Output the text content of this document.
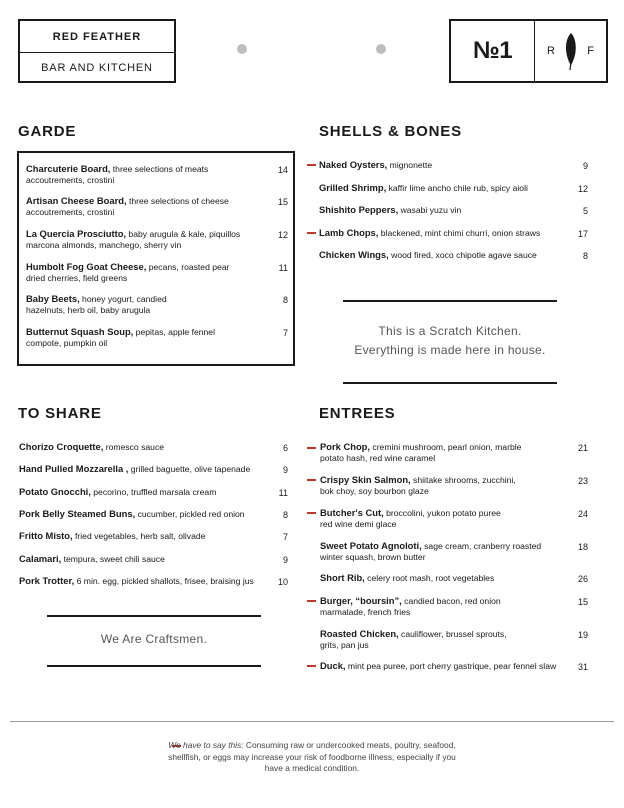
RED FEATHER
BAR AND KITCHEN
№1	R	F
GARDE
Charcuterie Board, three selections of meats
accoutrements, crostini
14
Artisan Cheese Board, three selections of cheese
accoutrements, crostini
15
La Quercia Prosciutto, baby arugula & kale, piquillos
marcona almonds, manchego, sherry vin
12
Humbolt Fog Goat Cheese, pecans, roasted pear
dried cherries, field greens
11
Baby Beets, honey yogurt, candied
hazelnuts, herb oil, baby arugula
8
Butternut Squash Soup, pepitas, apple fennel
compote, pumpkin oil
7
SHELLS & BONES
Naked Oysters, mignonette	9
Grilled Shrimp, kaffir lime ancho chile rub, spicy aioli	12
Shishito Peppers, wasabi yuzu vin	5
Lamb Chops, blackened, mint chimi churri, onion straws	17
Chicken Wings, wood fired, xoco chipotle agave sauce	8
This is a Scratch Kitchen.
Everything is made here in house.
TO SHARE
Chorizo Croquette, romesco sauce	6
Hand Pulled Mozzarella , grilled baguette, olive tapenade	9
Potato Gnocchi, pecorino, truffled marsala cream	11
Pork Belly Steamed Buns, cucumber, pickled red onion	8
Fritto Misto, fried vegetables, herb salt, olivade	7
Calamari, tempura, sweet chili sauce	9
Pork Trotter, 6 min. egg, pickled shallots, frisee, braising jus	10
We Are Craftsmen.
ENTREES
Pork Chop, cremini mushroom, pearl onion, marble
potato hash, red wine caramel
21
Crispy Skin Salmon, shiitake shrooms, zucchini,
bok choy, soy bourbon glaze
23
Butcher's Cut, broccolini, yukon potato puree
red wine demi glace
24
Sweet Potato Agnoloti, sage cream, cranberry roasted
winter squash, brown butter
18
Short Rib, celery root mash, root vegetables	26
Burger, “boursin”, candied bacon, red onion
marmalade, french fries
15
Roasted Chicken, cauliflower, brussel sprouts,
grits, pan jus
19
Duck, mint pea puree, port cherry gastrique, pear fennel slaw	31
We have to say this: Consuming raw or undercooked meats, poultry, seafood, shellfish, or eggs may increase your risk of foodborne illness, especially if you have a medical condition.
